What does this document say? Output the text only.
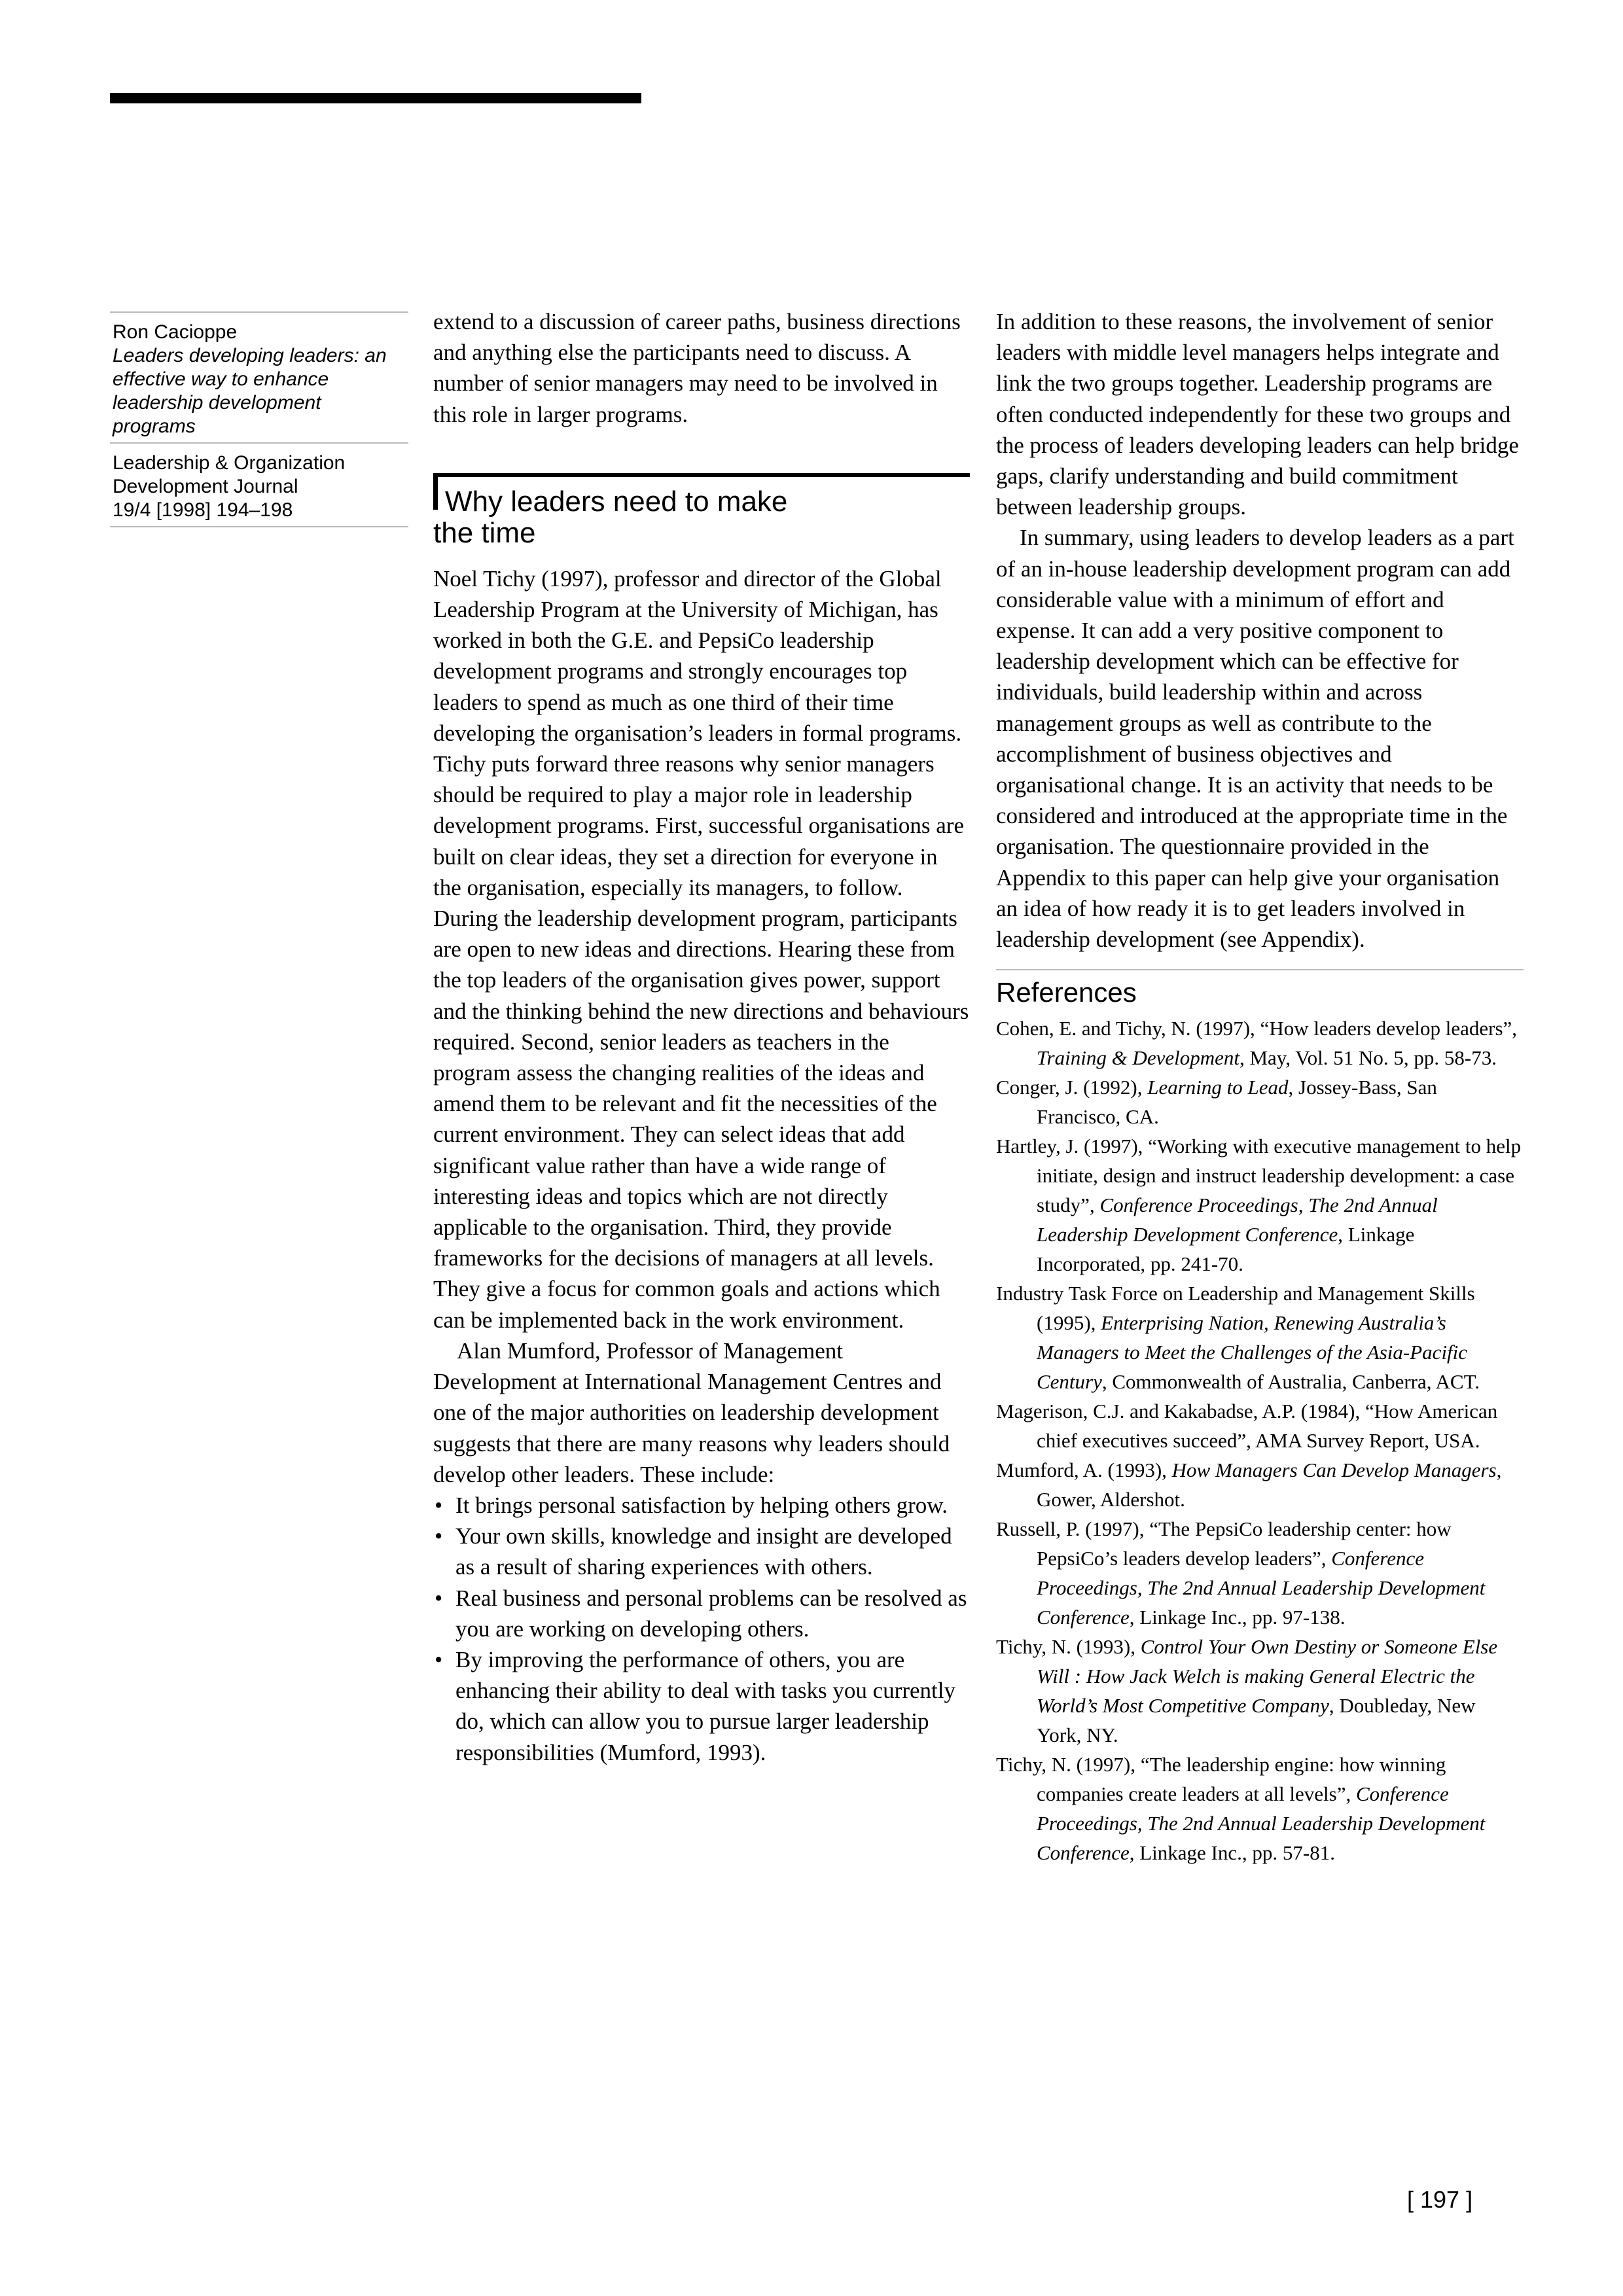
Ron Cacioppe
Leaders developing leaders: an effective way to enhance leadership development programs
Leadership & Organization
Development Journal
19/4 [1998] 194–198

extend to a discussion of career paths, business directions and anything else the participants need to discuss. A number of senior managers may need to be involved in this role in larger programs.

Why leaders need to make
the time

Noel Tichy (1997), professor and director of the Global Leadership Program at the University of Michigan, has worked in both the G.E. and PepsiCo leadership development programs and strongly encourages top leaders to spend as much as one third of their time developing the organisation’s leaders in formal programs. Tichy puts forward three reasons why senior managers should be required to play a major role in leadership development programs. First, successful organisations are built on clear ideas, they set a direction for everyone in the organisation, especially its managers, to follow. During the leadership development program, participants are open to new ideas and directions. Hearing these from the top leaders of the organisation gives power, support and the thinking behind the new directions and behaviours required. Second, senior leaders as teachers in the program assess the changing realities of the ideas and amend them to be relevant and fit the necessities of the current environment. They can select ideas that add significant value rather than have a wide range of interesting ideas and topics which are not directly applicable to the organisation. Third, they provide frameworks for the decisions of managers at all levels. They give a focus for common goals and actions which can be implemented back in the work environment.

Alan Mumford, Professor of Management Development at International Management Centres and one of the major authorities on leadership development suggests that there are many reasons why leaders should develop other leaders. These include:

• It brings personal satisfaction by helping others grow.
• Your own skills, knowledge and insight are developed as a result of sharing experiences with others.
• Real business and personal problems can be resolved as you are working on developing others.
• By improving the performance of others, you are enhancing their ability to deal with tasks you currently do, which can allow you to pursue larger leadership responsibilities (Mumford, 1993).

In addition to these reasons, the involvement of senior leaders with middle level managers helps integrate and link the two groups together. Leadership programs are often conducted independently for these two groups and the process of leaders developing leaders can help bridge gaps, clarify understanding and build commitment between leadership groups.

In summary, using leaders to develop leaders as a part of an in-house leadership development program can add considerable value with a minimum of effort and expense. It can add a very positive component to leadership development which can be effective for individuals, build leadership within and across management groups as well as contribute to the accomplishment of business objectives and organisational change. It is an activity that needs to be considered and introduced at the appropriate time in the organisation. The questionnaire provided in the Appendix to this paper can help give your organisation an idea of how ready it is to get leaders involved in leadership development (see Appendix).

References
Cohen, E. and Tichy, N. (1997), “How leaders develop leaders”, Training & Development, May, Vol. 51 No. 5, pp. 58-73.
Conger, J. (1992), Learning to Lead, Jossey-Bass, San Francisco, CA.
Hartley, J. (1997), “Working with executive management to help initiate, design and instruct leadership development: a case study”, Conference Proceedings, The 2nd Annual Leadership Development Conference, Linkage Incorporated, pp. 241-70.
Industry Task Force on Leadership and Management Skills (1995), Enterprising Nation, Renewing Australia’s Managers to Meet the Challenges of the Asia-Pacific Century, Commonwealth of Australia, Canberra, ACT.
Magerison, C.J. and Kakabadse, A.P. (1984), “How American chief executives succeed”, AMA Survey Report, USA.
Mumford, A. (1993), How Managers Can Develop Managers, Gower, Aldershot.
Russell, P. (1997), “The PepsiCo leadership center: how PepsiCo’s leaders develop leaders”, Conference Proceedings, The 2nd Annual Leadership Development Conference, Linkage Inc., pp. 97-138.
Tichy, N. (1993), Control Your Own Destiny or Someone Else Will : How Jack Welch is making General Electric the World’s Most Competitive Company, Doubleday, New York, NY.
Tichy, N. (1997), “The leadership engine: how winning companies create leaders at all levels”, Conference Proceedings, The 2nd Annual Leadership Development Conference, Linkage Inc., pp. 57-81.
[ 197 ]
